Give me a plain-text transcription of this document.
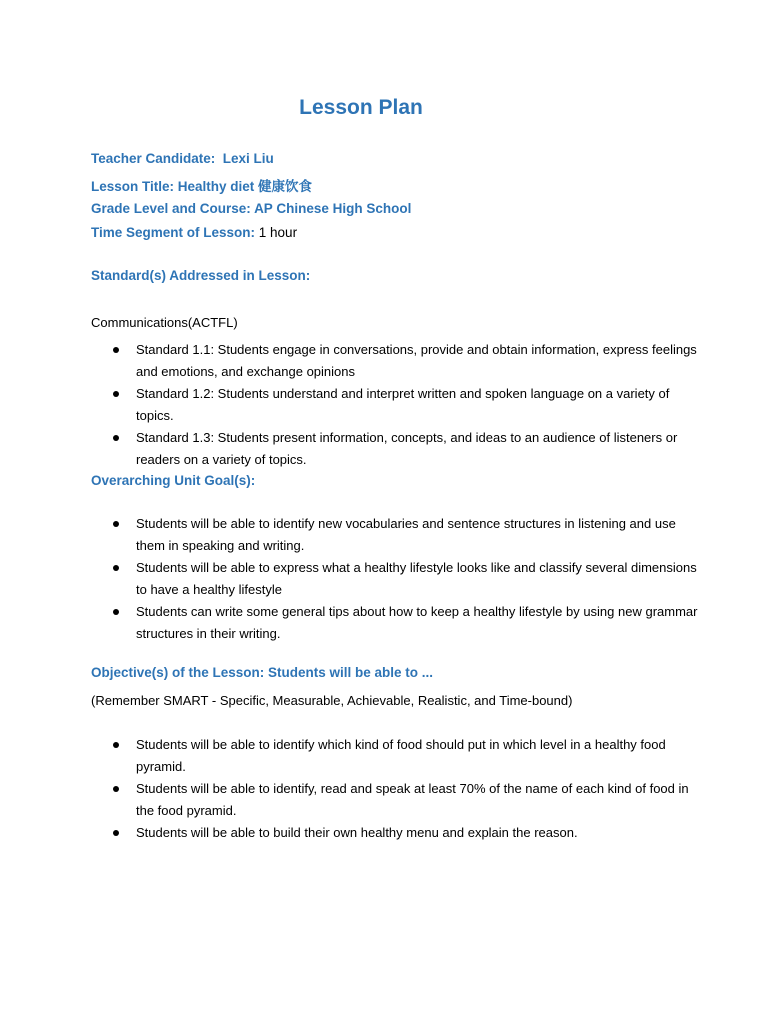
Lesson Plan
Teacher Candidate:  Lexi Liu
Lesson Title: Healthy diet 健康饮食
Grade Level and Course: AP Chinese High School
Time Segment of Lesson: 1 hour
Standard(s) Addressed in Lesson:
Communications(ACTFL)
Standard 1.1: Students engage in conversations, provide and obtain information, express feelings and emotions, and exchange opinions
Standard 1.2: Students understand and interpret written and spoken language on a variety of topics.
Standard 1.3: Students present information, concepts, and ideas to an audience of listeners or readers on a variety of topics.
Overarching Unit Goal(s):
Students will be able to identify new vocabularies and sentence structures in listening and use them in speaking and writing.
Students will be able to express what a healthy lifestyle looks like and classify several dimensions to have a healthy lifestyle
Students can write some general tips about how to keep a healthy lifestyle by using new grammar structures in their writing.
Objective(s) of the Lesson: Students will be able to ...
(Remember SMART - Specific, Measurable, Achievable, Realistic, and Time-bound)
Students will be able to identify which kind of food should put in which level in a healthy food pyramid.
Students will be able to identify, read and speak at least 70% of the name of each kind of food in the food pyramid.
Students will be able to build their own healthy menu and explain the reason.
